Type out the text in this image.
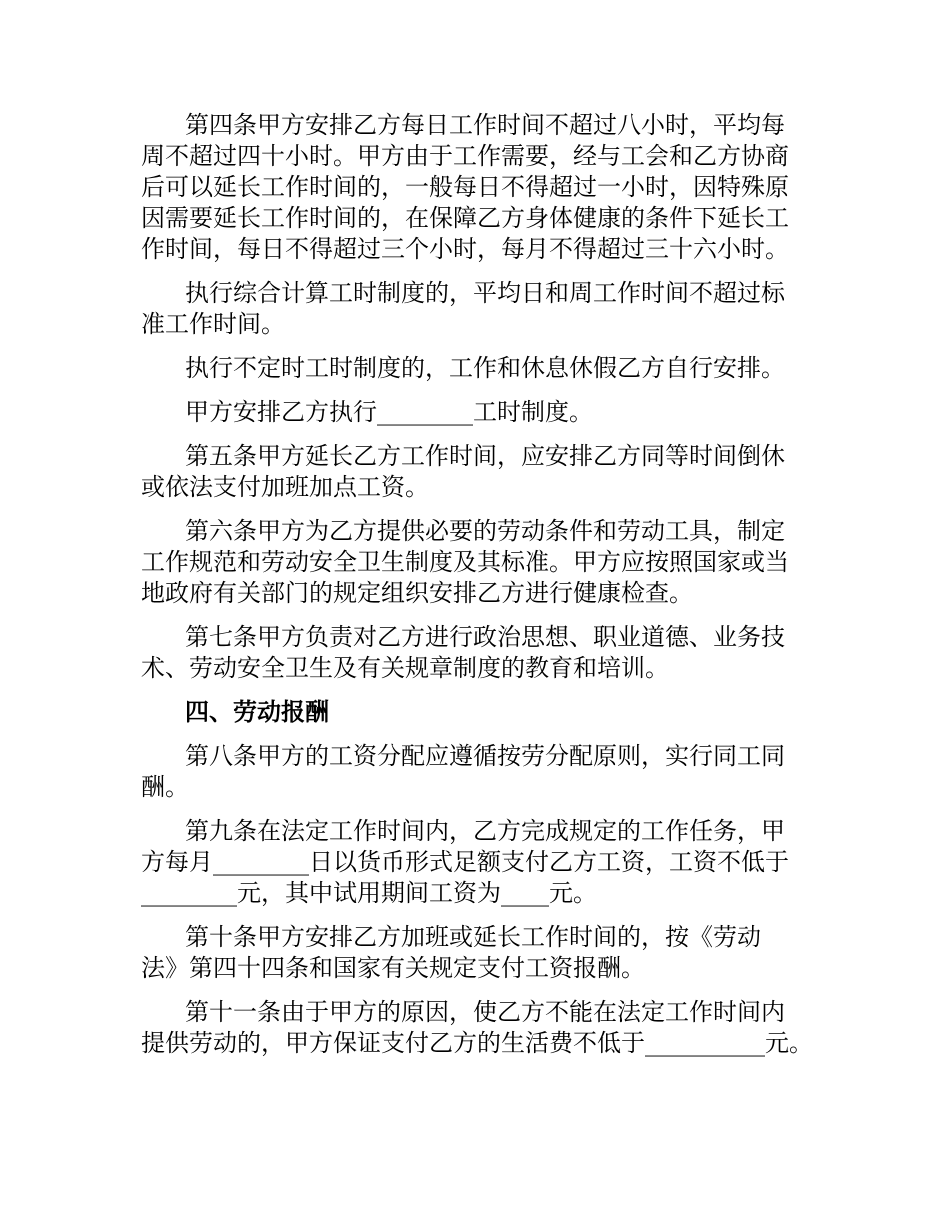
第四条甲方安排乙方每日工作时间不超过八小时，平均每
周不超过四十小时。甲方由于工作需要，经与工会和乙方协商
后可以延长工作时间的，一般每日不得超过一小时，因特殊原
因需要延长工作时间的，在保障乙方身体健康的条件下延长工
作时间，每日不得超过三个小时，每月不得超过三十六小时。

执行综合计算工时制度的，平均日和周工作时间不超过标
准工作时间。

执行不定时工时制度的，工作和休息休假乙方自行安排。

甲方安排乙方执行________工时制度。

第五条甲方延长乙方工作时间，应安排乙方同等时间倒休
或依法支付加班加点工资。

第六条甲方为乙方提供必要的劳动条件和劳动工具，制定
工作规范和劳动安全卫生制度及其标准。甲方应按照国家或当
地政府有关部门的规定组织安排乙方进行健康检查。

第七条甲方负责对乙方进行政治思想、职业道德、业务技
术、劳动安全卫生及有关规章制度的教育和培训。

四、劳动报酬

第八条甲方的工资分配应遵循按劳分配原则，实行同工同
酬。

第九条在法定工作时间内，乙方完成规定的工作任务，甲
方每月________日以货币形式足额支付乙方工资，工资不低于
________元，其中试用期间工资为____元。

第十条甲方安排乙方加班或延长工作时间的，按《劳动
法》第四十四条和国家有关规定支付工资报酬。

第十一条由于甲方的原因，使乙方不能在法定工作时间内
提供劳动的，甲方保证支付乙方的生活费不低于__________元。
